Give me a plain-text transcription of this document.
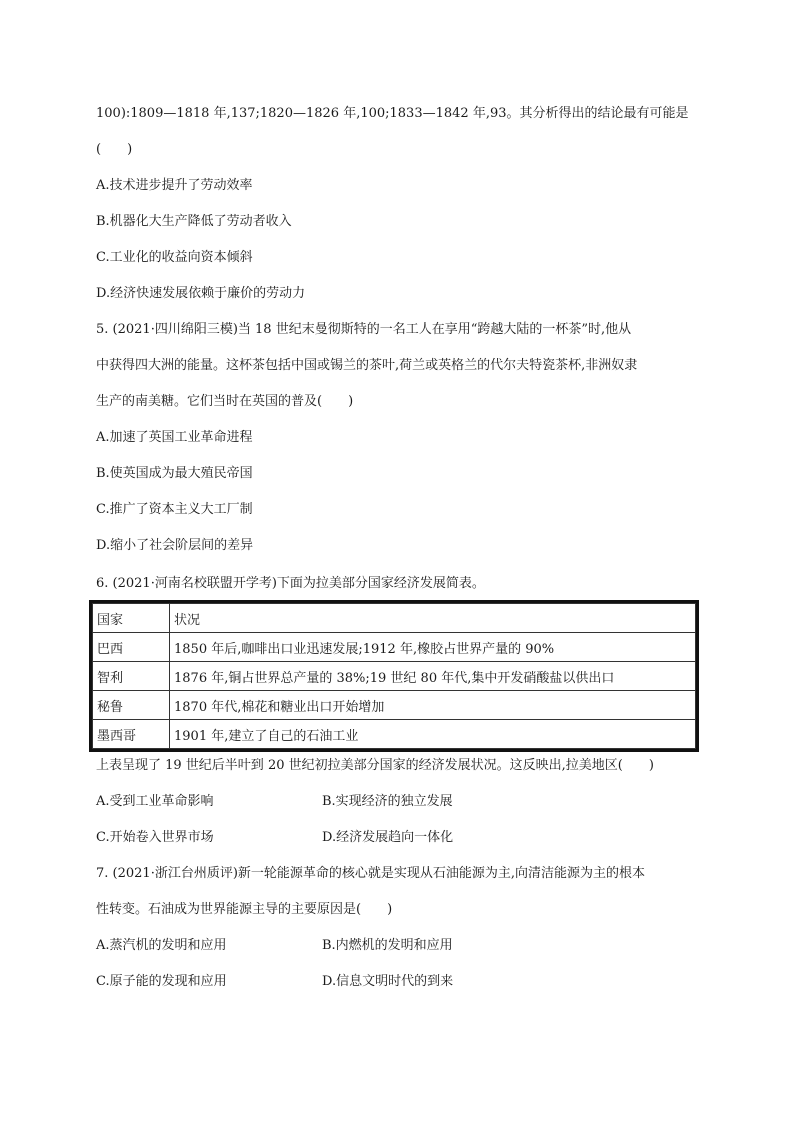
100):1809—1818 年,137;1820—1826 年,100;1833—1842 年,93。其分析得出的结论最有可能是
(　　)
A.技术进步提升了劳动效率
B.机器化大生产降低了劳动者收入
C.工业化的收益向资本倾斜
D.经济快速发展依赖于廉价的劳动力
5. (2021·四川绵阳三模)当 18 世纪末曼彻斯特的一名工人在享用“跨越大陆的一杯茶”时,他从
中获得四大洲的能量。这杯茶包括中国或锡兰的茶叶,荷兰或英格兰的代尔夫特瓷茶杯,非洲奴隶
生产的南美糖。它们当时在英国的普及(　　)
A.加速了英国工业革命进程
B.使英国成为最大殖民帝国
C.推广了资本主义大工厂制
D.缩小了社会阶层间的差异
6. (2021·河南名校联盟开学考)下面为拉美部分国家经济发展简表。
国家	状况
巴西	1850 年后,咖啡出口业迅速发展;1912 年,橡胶占世界产量的 90%
智利	1876 年,铜占世界总产量的 38%;19 世纪 80 年代,集中开发硝酸盐以供出口
秘鲁	1870 年代,棉花和糖业出口开始增加
墨西哥	1901 年,建立了自己的石油工业
上表呈现了 19 世纪后半叶到 20 世纪初拉美部分国家的经济发展状况。这反映出,拉美地区(　　)
A.受到工业革命影响	B.实现经济的独立发展
C.开始卷入世界市场	D.经济发展趋向一体化
7. (2021·浙江台州质评)新一轮能源革命的核心就是实现从石油能源为主,向清洁能源为主的根本
性转变。石油成为世界能源主导的主要原因是(　　)
A.蒸汽机的发明和应用	B.内燃机的发明和应用
C.原子能的发现和应用	D.信息文明时代的到来
